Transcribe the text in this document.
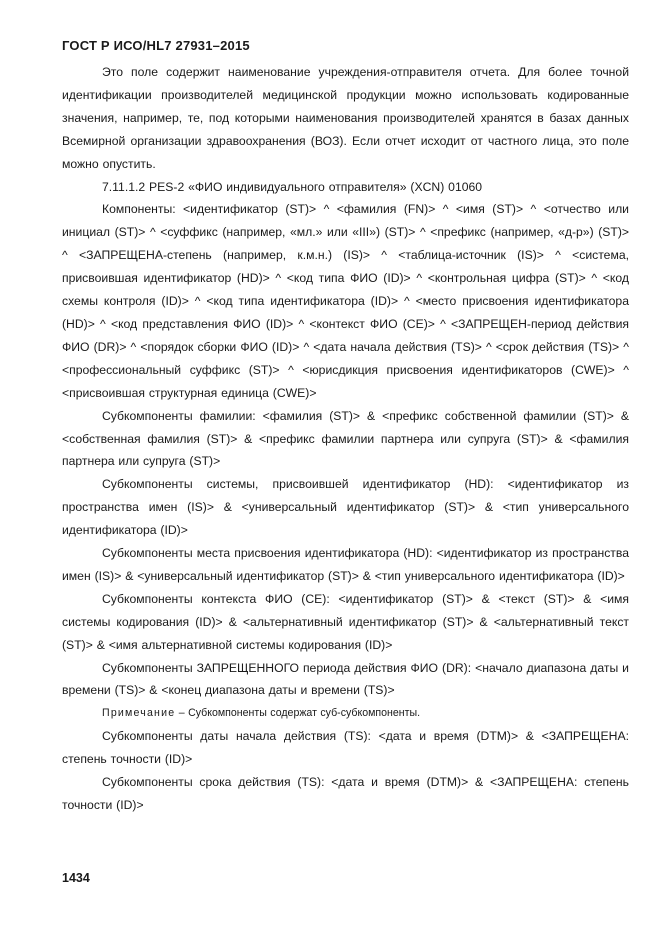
ГОСТ Р ИСО/HL7 27931–2015

Это поле содержит наименование учреждения-отправителя отчета. Для более точной идентификации производителей медицинской продукции можно использовать кодированные значения, например, те, под которыми наименования производителей хранятся в базах данных Всемирной организации здравоохранения (ВОЗ). Если отчет исходит от частного лица, это поле можно опустить.

7.11.1.2 PES-2 «ФИО индивидуального отправителя» (XCN) 01060

Компоненты: <идентификатор (ST)> ^ <фамилия (FN)> ^ <имя (ST)> ^ <отчество или инициал (ST)> ^ <суффикс (например, «мл.» или «III») (ST)> ^ <префикс (например, «д-р») (ST)> ^ <ЗАПРЕЩЕНА-степень (например, к.м.н.) (IS)> ^ <таблица-источник (IS)> ^ <система, присвоившая идентификатор (HD)> ^ <код типа ФИО (ID)> ^ <контрольная цифра (ST)> ^ <код схемы контроля (ID)> ^ <код типа идентификатора (ID)> ^ <место присвоения идентификатора (HD)> ^ <код представления ФИО (ID)> ^ <контекст ФИО (CE)> ^ <ЗАПРЕЩЕН-период действия ФИО (DR)> ^ <порядок сборки ФИО (ID)> ^ <дата начала действия (TS)> ^ <срок действия (TS)> ^ <профессиональный суффикс (ST)> ^ <юрисдикция присвоения идентификаторов (CWE)> ^ <присвоившая структурная единица (CWE)>

Субкомпоненты фамилии: <фамилия (ST)> & <префикс собственной фамилии (ST)> & <собственная фамилия (ST)> & <префикс фамилии партнера или супруга (ST)> & <фамилия партнера или супруга (ST)>

Субкомпоненты системы, присвоившей идентификатор (HD): <идентификатор из пространства имен (IS)> & <универсальный идентификатор (ST)> & <тип универсального идентификатора (ID)>

Субкомпоненты места присвоения идентификатора (HD): <идентификатор из пространства имен (IS)> & <универсальный идентификатор (ST)> & <тип универсального идентификатора (ID)>

Субкомпоненты контекста ФИО (CE): <идентификатор (ST)> & <текст (ST)> & <имя системы кодирования (ID)> & <альтернативный идентификатор (ST)> & <альтернативный текст (ST)> & <имя альтернативной системы кодирования (ID)>

Субкомпоненты ЗАПРЕЩЕННОГО периода действия ФИО (DR): <начало диапазона даты и времени (TS)> & <конец диапазона даты и времени (TS)>

Примечание – Субкомпоненты содержат суб-субкомпоненты.

Субкомпоненты даты начала действия (TS): <дата и время (DTM)> & <ЗАПРЕЩЕНА: степень точности (ID)>

Субкомпоненты срока действия (TS): <дата и время (DTM)> & <ЗАПРЕЩЕНА: степень точности (ID)>

1434
